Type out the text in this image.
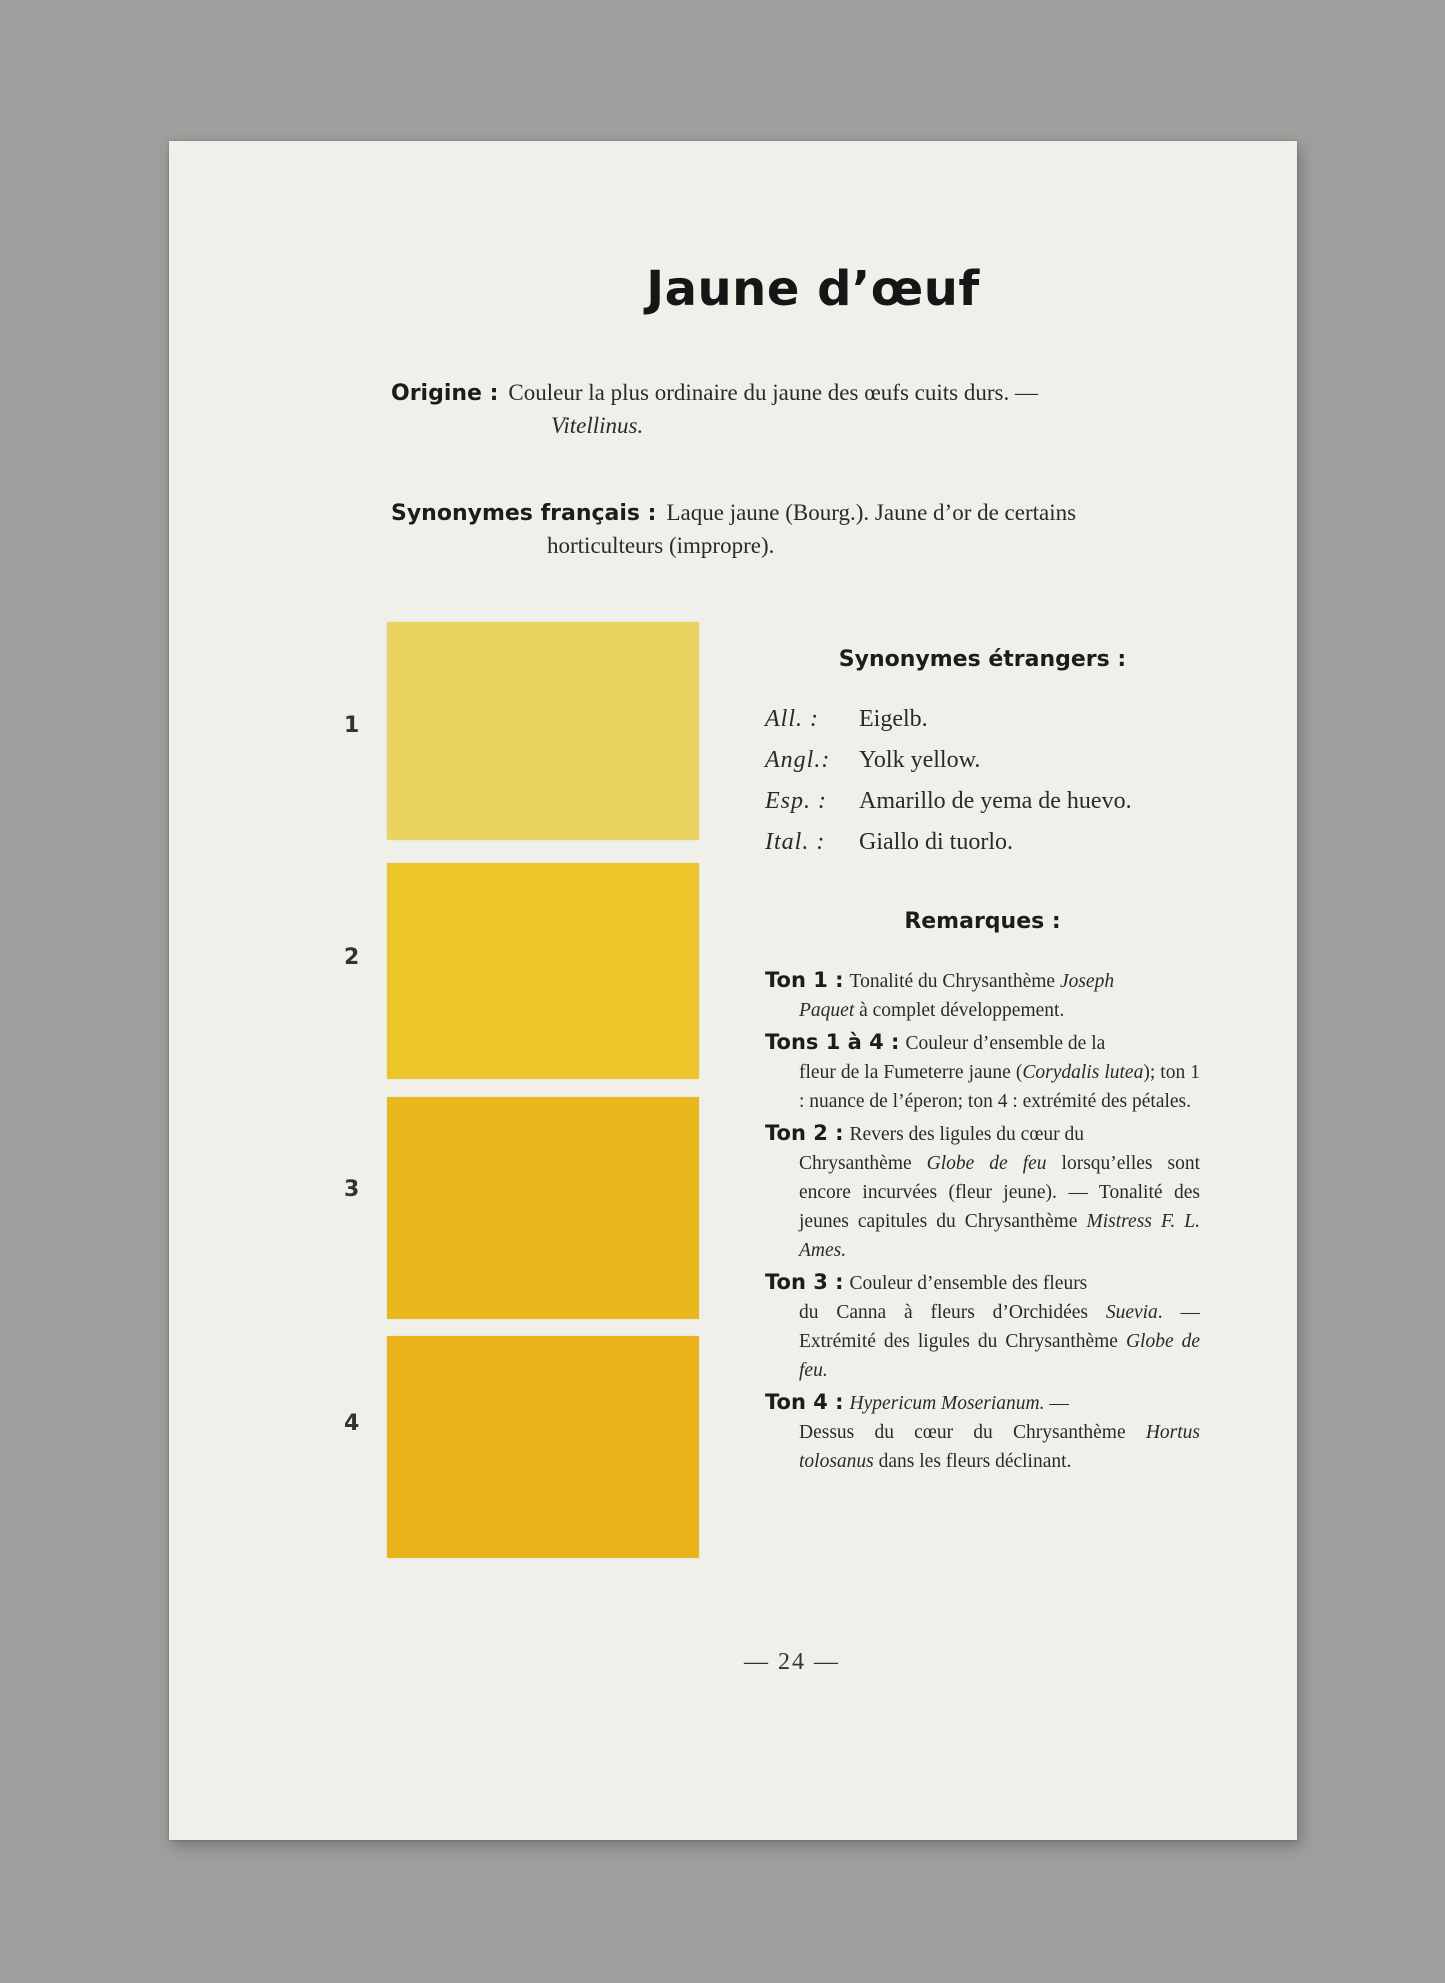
Jaune d’œuf
Origine : Couleur la plus ordinaire du jaune des œufs cuits durs. —
Vitellinus.
Synonymes français : Laque jaune (Bourg.). Jaune d’or de certains
horticulteurs (impropre).
1
2
3
4
Synonymes étrangers :
All. :	Eigelb.
Angl.:	Yolk yellow.
Esp. :	Amarillo de yema de huevo.
Ital. :	Giallo di tuorlo.
Remarques :
Ton 1 : Tonalité du Chrysanthème Joseph
Paquet à complet développement.
Tons 1 à 4 : Couleur d’ensemble de la
fleur de la Fumeterre jaune (Corydalis lutea); ton 1 : nuance de l’éperon; ton 4 : extrémité des pétales.
Ton 2 : Revers des ligules du cœur du
Chrysanthème Globe de feu lorsqu’elles sont encore incurvées (fleur jeune). — Tonalité des jeunes capitules du Chrysanthème Mistress F. L. Ames.
Ton 3 : Couleur d’ensemble des fleurs
du Canna à fleurs d’Orchidées Suevia. — Extrémité des ligules du Chrysanthème Globe de feu.
Ton 4 : Hypericum Moserianum. —
Dessus du cœur du Chrysanthème Hortus tolosanus dans les fleurs déclinant.
— 24 —
